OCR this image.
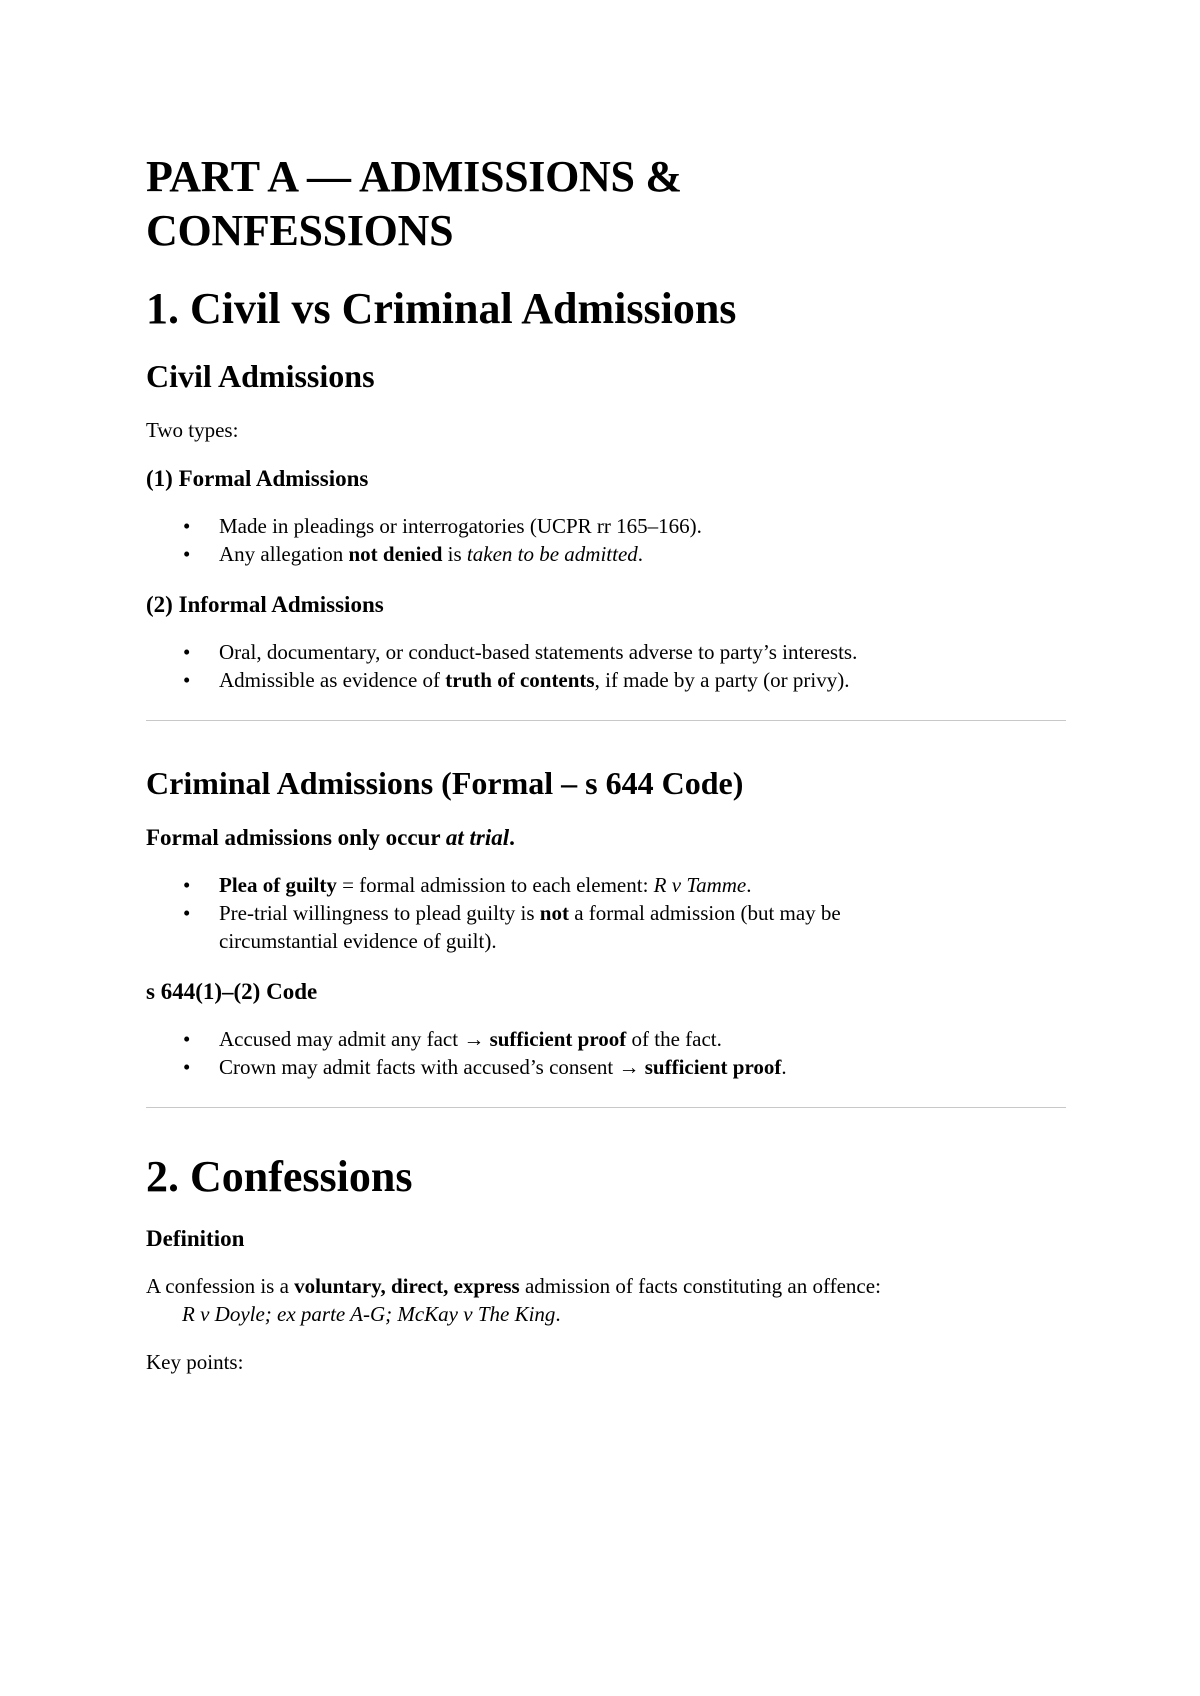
PART A — ADMISSIONS &
CONFESSIONS
1. Civil vs Criminal Admissions
Civil Admissions

Two types:

(1) Formal Admissions
• Made in pleadings or interrogatories (UCPR rr 165–166).
• Any allegation not denied is taken to be admitted.
(2) Informal Admissions
• Oral, documentary, or conduct-based statements adverse to party’s interests.
• Admissible as evidence of truth of contents, if made by a party (or privy).
Criminal Admissions (Formal – s 644 Code)
Formal admissions only occur at trial.
• Plea of guilty = formal admission to each element: R v Tamme.
• Pre-trial willingness to plead guilty is not a formal admission (but may be
circumstantial evidence of guilt).
s 644(1)–(2) Code
• Accused may admit any fact → sufficient proof of the fact.
• Crown may admit facts with accused’s consent → sufficient proof.
2. Confessions
Definition

A confession is a voluntary, direct, express admission of facts constituting an offence:
R v Doyle; ex parte A-G; McKay v The King.

Key points:
